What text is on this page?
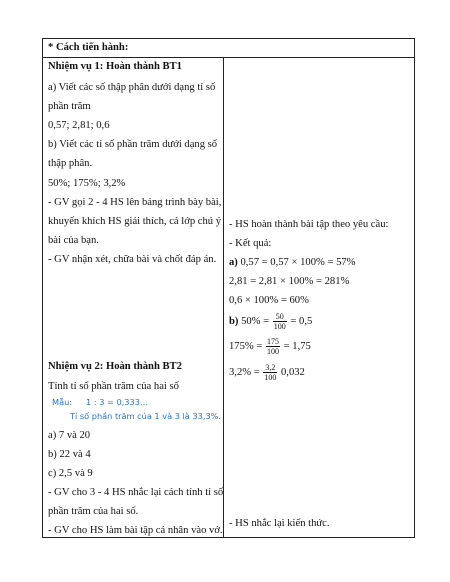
* Cách tiến hành:
Nhiệm vụ 1: Hoàn thành BT1
a) Viết các số thập phân dưới dạng tỉ số
phần trăm
0,57; 2,81; 0,6
b) Viết các tỉ số phần trăm dưới dạng số
thập phân.
50%; 175%; 3,2%
- GV gọi 2 - 4 HS lên bảng trình bày bài,
khuyến khích HS giải thích, cả lớp chú ý
bài của bạn.
- GV nhận xét, chữa bài và chốt đáp án.
Nhiệm vụ 2: Hoàn thành BT2
Tính tỉ số phần trăm của hai số
Mẫu: 1 : 3 = 0,333…
Tỉ số phần trăm của 1 và 3 là 33,3%.
a) 7 và 20
b) 22 và 4
c) 2,5 và 9
- GV cho 3 - 4 HS nhắc lại cách tính tỉ số
phần trăm của hai số.
- GV cho HS làm bài tập cá nhân vào vở.
- HS hoàn thành bài tập theo yêu cầu:
- Kết quả:
a) 0,57 = 0,57 × 100% = 57%
2,81 = 2,81 × 100% = 281%
0,6 × 100% = 60%
b) $50\% = \frac{50}{100} = 0,5$
$175\% = \frac{175}{100} = 1,75$
$3,2\% = \frac{3,2}{100} 0,032$
- HS nhắc lại kiến thức.
